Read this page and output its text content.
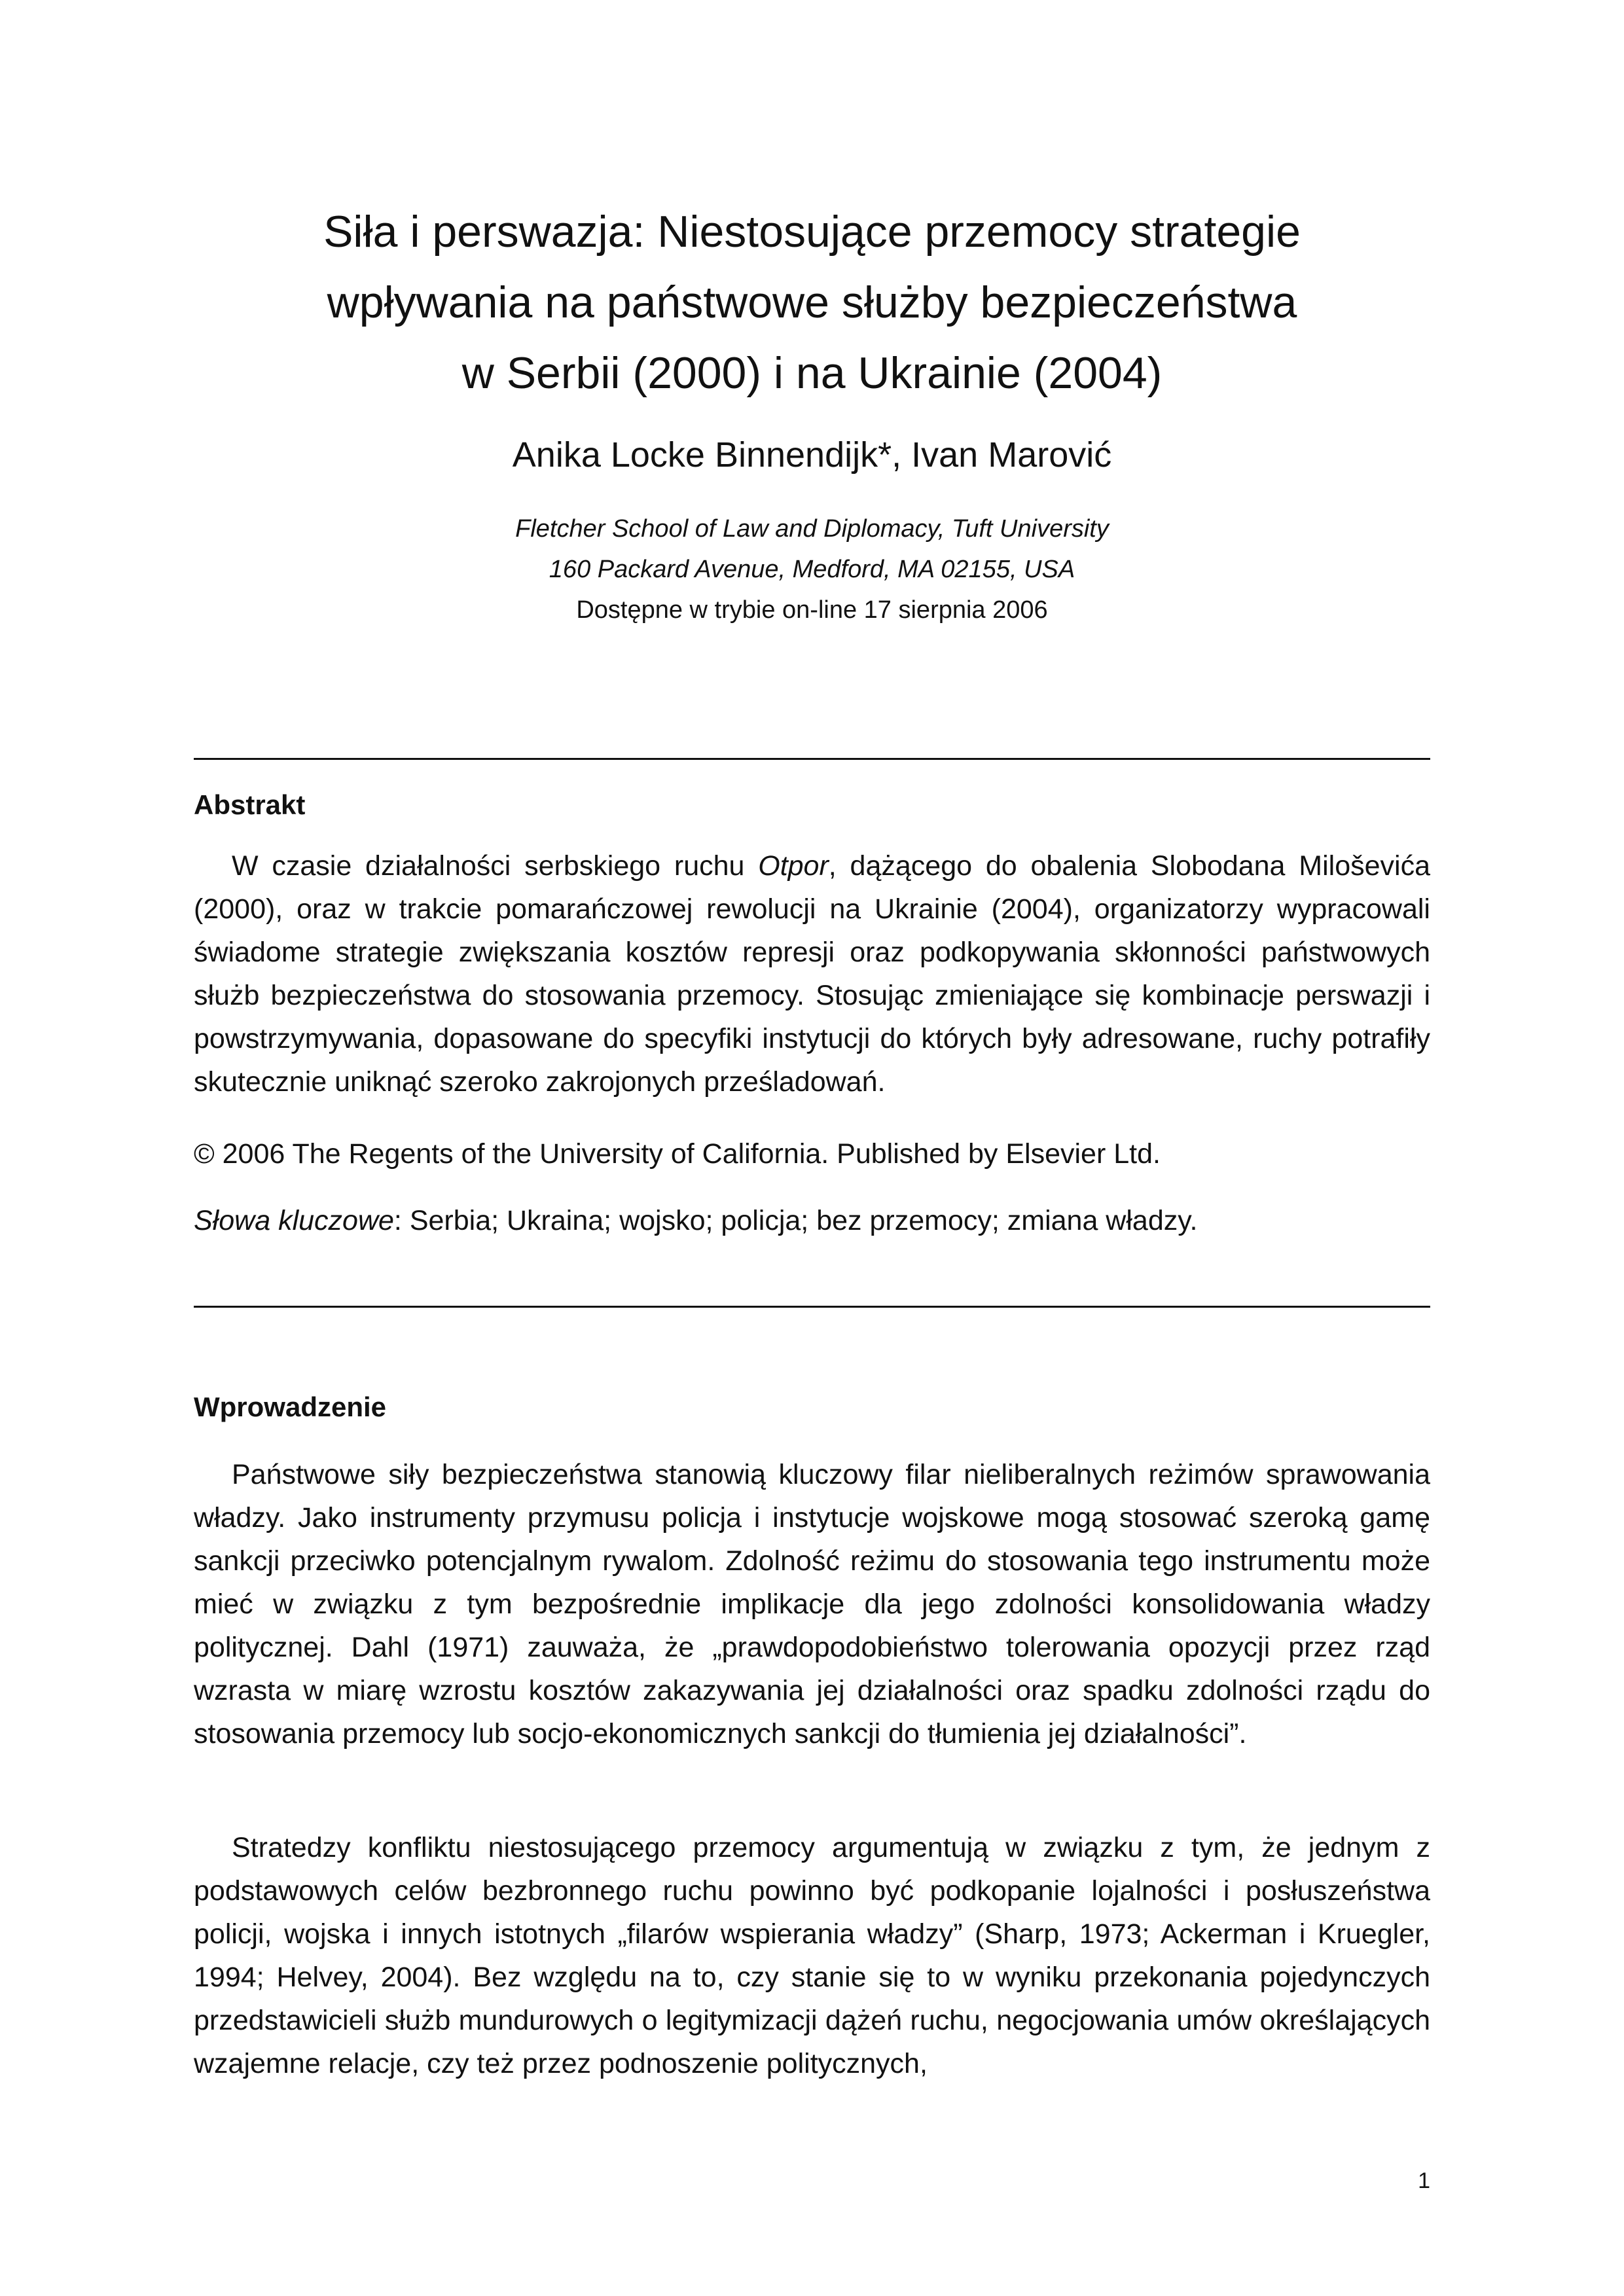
Siła i perswazja: Niestosujące przemocy strategie
wpływania na państwowe służby bezpieczeństwa
w Serbii (2000) i na Ukrainie (2004)
Anika Locke Binnendijk*, Ivan Marović
Fletcher School of Law and Diplomacy, Tuft University
160 Packard Avenue, Medford, MA 02155, USA
Dostępne w trybie on-line 17 sierpnia 2006
Abstrakt
W czasie działalności serbskiego ruchu Otpor, dążącego do obalenia Slobodana Miloševića (2000), oraz w trakcie pomarańczowej rewolucji na Ukrainie (2004), organizatorzy wypracowali świadome strategie zwiększania kosztów represji oraz podkopywania skłonności państwowych służb bezpieczeństwa do stosowania przemocy. Stosując zmieniające się kombinacje perswazji i powstrzymywania, dopasowane do specyfiki instytucji do których były adresowane, ruchy potrafiły skutecznie uniknąć szeroko zakrojonych prześladowań.
© 2006 The Regents of the University of California. Published by Elsevier Ltd.
Słowa kluczowe: Serbia; Ukraina; wojsko; policja; bez przemocy; zmiana władzy.
Wprowadzenie
Państwowe siły bezpieczeństwa stanowią kluczowy filar nieliberalnych reżimów sprawowania władzy. Jako instrumenty przymusu policja i instytucje wojskowe mogą stosować szeroką gamę sankcji przeciwko potencjalnym rywalom. Zdolność reżimu do stosowania tego instrumentu może mieć w związku z tym bezpośrednie implikacje dla jego zdolności konsolidowania władzy politycznej. Dahl (1971) zauważa, że „prawdopodobieństwo tolerowania opozycji przez rząd wzrasta w miarę wzrostu kosztów zakazywania jej działalności oraz spadku zdolności rządu do stosowania przemocy lub socjo-ekonomicznych sankcji do tłumienia jej działalności”.
Stratedzy konfliktu niestosującego przemocy argumentują w związku z tym, że jednym z podstawowych celów bezbronnego ruchu powinno być podkopanie lojalności i posłuszeństwa policji, wojska i innych istotnych „filarów wspierania władzy” (Sharp, 1973; Ackerman i Kruegler, 1994; Helvey, 2004). Bez względu na to, czy stanie się to w wyniku przekonania pojedynczych przedstawicieli służb mundurowych o legitymizacji dążeń ruchu, negocjowania umów określających wzajemne relacje, czy też przez podnoszenie politycznych,
1
